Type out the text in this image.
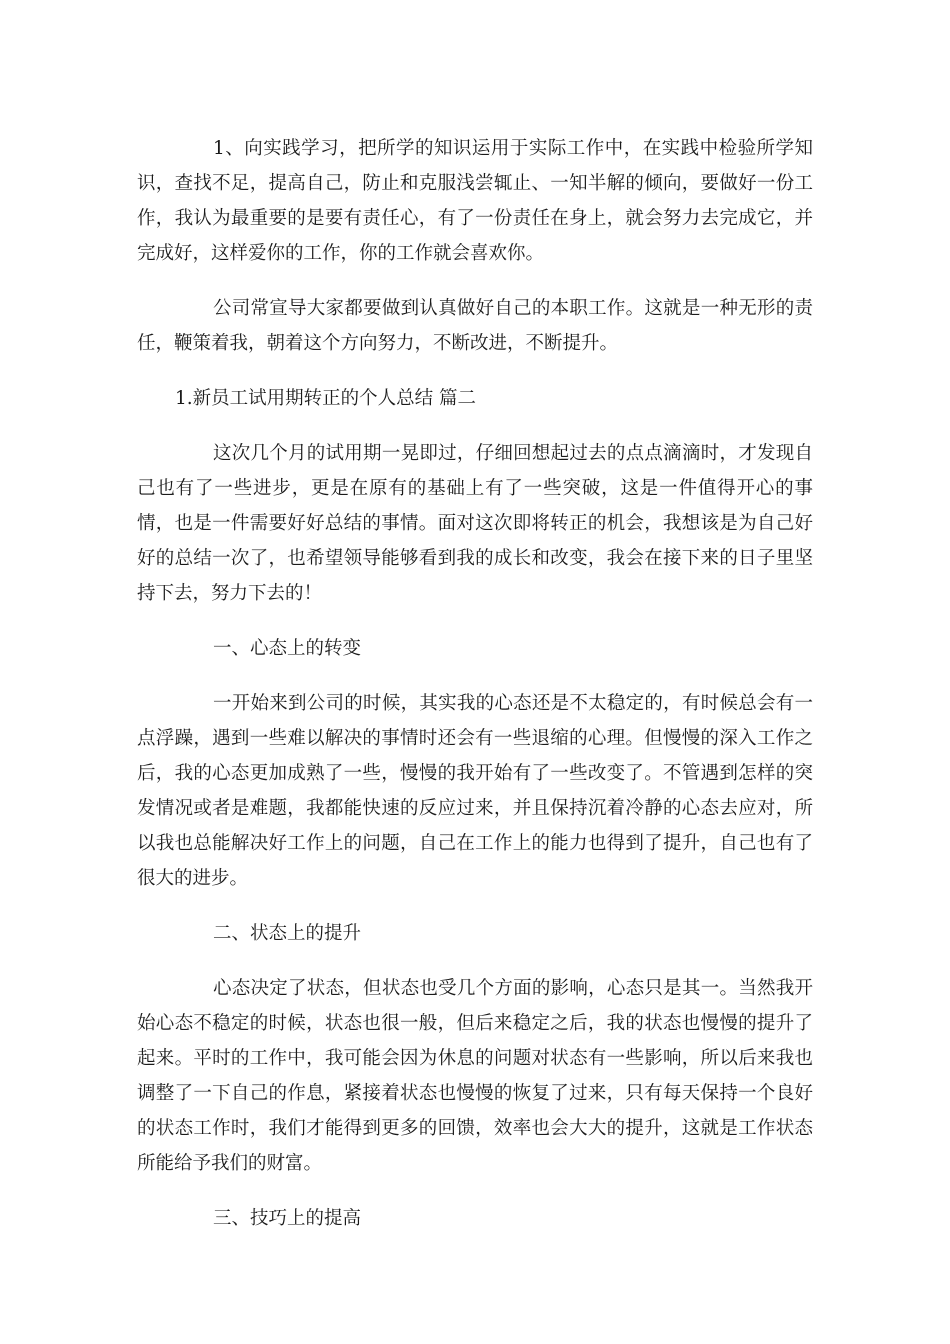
1、向实践学习，把所学的知识运用于实际工作中，在实践中检验所学知识，查找不足，提高自己，防止和克服浅尝辄止、一知半解的倾向，要做好一份工作，我认为最重要的是要有责任心，有了一份责任在身上，就会努力去完成它，并完成好，这样爱你的工作，你的工作就会喜欢你。

公司常宣导大家都要做到认真做好自己的本职工作。这就是一种无形的责任，鞭策着我，朝着这个方向努力，不断改进，不断提升。

1.新员工试用期转正的个人总结 篇二

这次几个月的试用期一晃即过，仔细回想起过去的点点滴滴时，才发现自己也有了一些进步，更是在原有的基础上有了一些突破，这是一件值得开心的事情，也是一件需要好好总结的事情。面对这次即将转正的机会，我想该是为自己好好的总结一次了，也希望领导能够看到我的成长和改变，我会在接下来的日子里坚持下去，努力下去的！

一、心态上的转变

一开始来到公司的时候，其实我的心态还是不太稳定的，有时候总会有一点浮躁，遇到一些难以解决的事情时还会有一些退缩的心理。但慢慢的深入工作之后，我的心态更加成熟了一些，慢慢的我开始有了一些改变了。不管遇到怎样的突发情况或者是难题，我都能快速的反应过来，并且保持沉着冷静的心态去应对，所以我也总能解决好工作上的问题，自己在工作上的能力也得到了提升，自己也有了很大的进步。

二、状态上的提升

心态决定了状态，但状态也受几个方面的影响，心态只是其一。当然我开始心态不稳定的时候，状态也很一般，但后来稳定之后，我的状态也慢慢的提升了起来。平时的工作中，我可能会因为休息的问题对状态有一些影响，所以后来我也调整了一下自己的作息，紧接着状态也慢慢的恢复了过来，只有每天保持一个良好的状态工作时，我们才能得到更多的回馈，效率也会大大的提升，这就是工作状态所能给予我们的财富。

三、技巧上的提高
